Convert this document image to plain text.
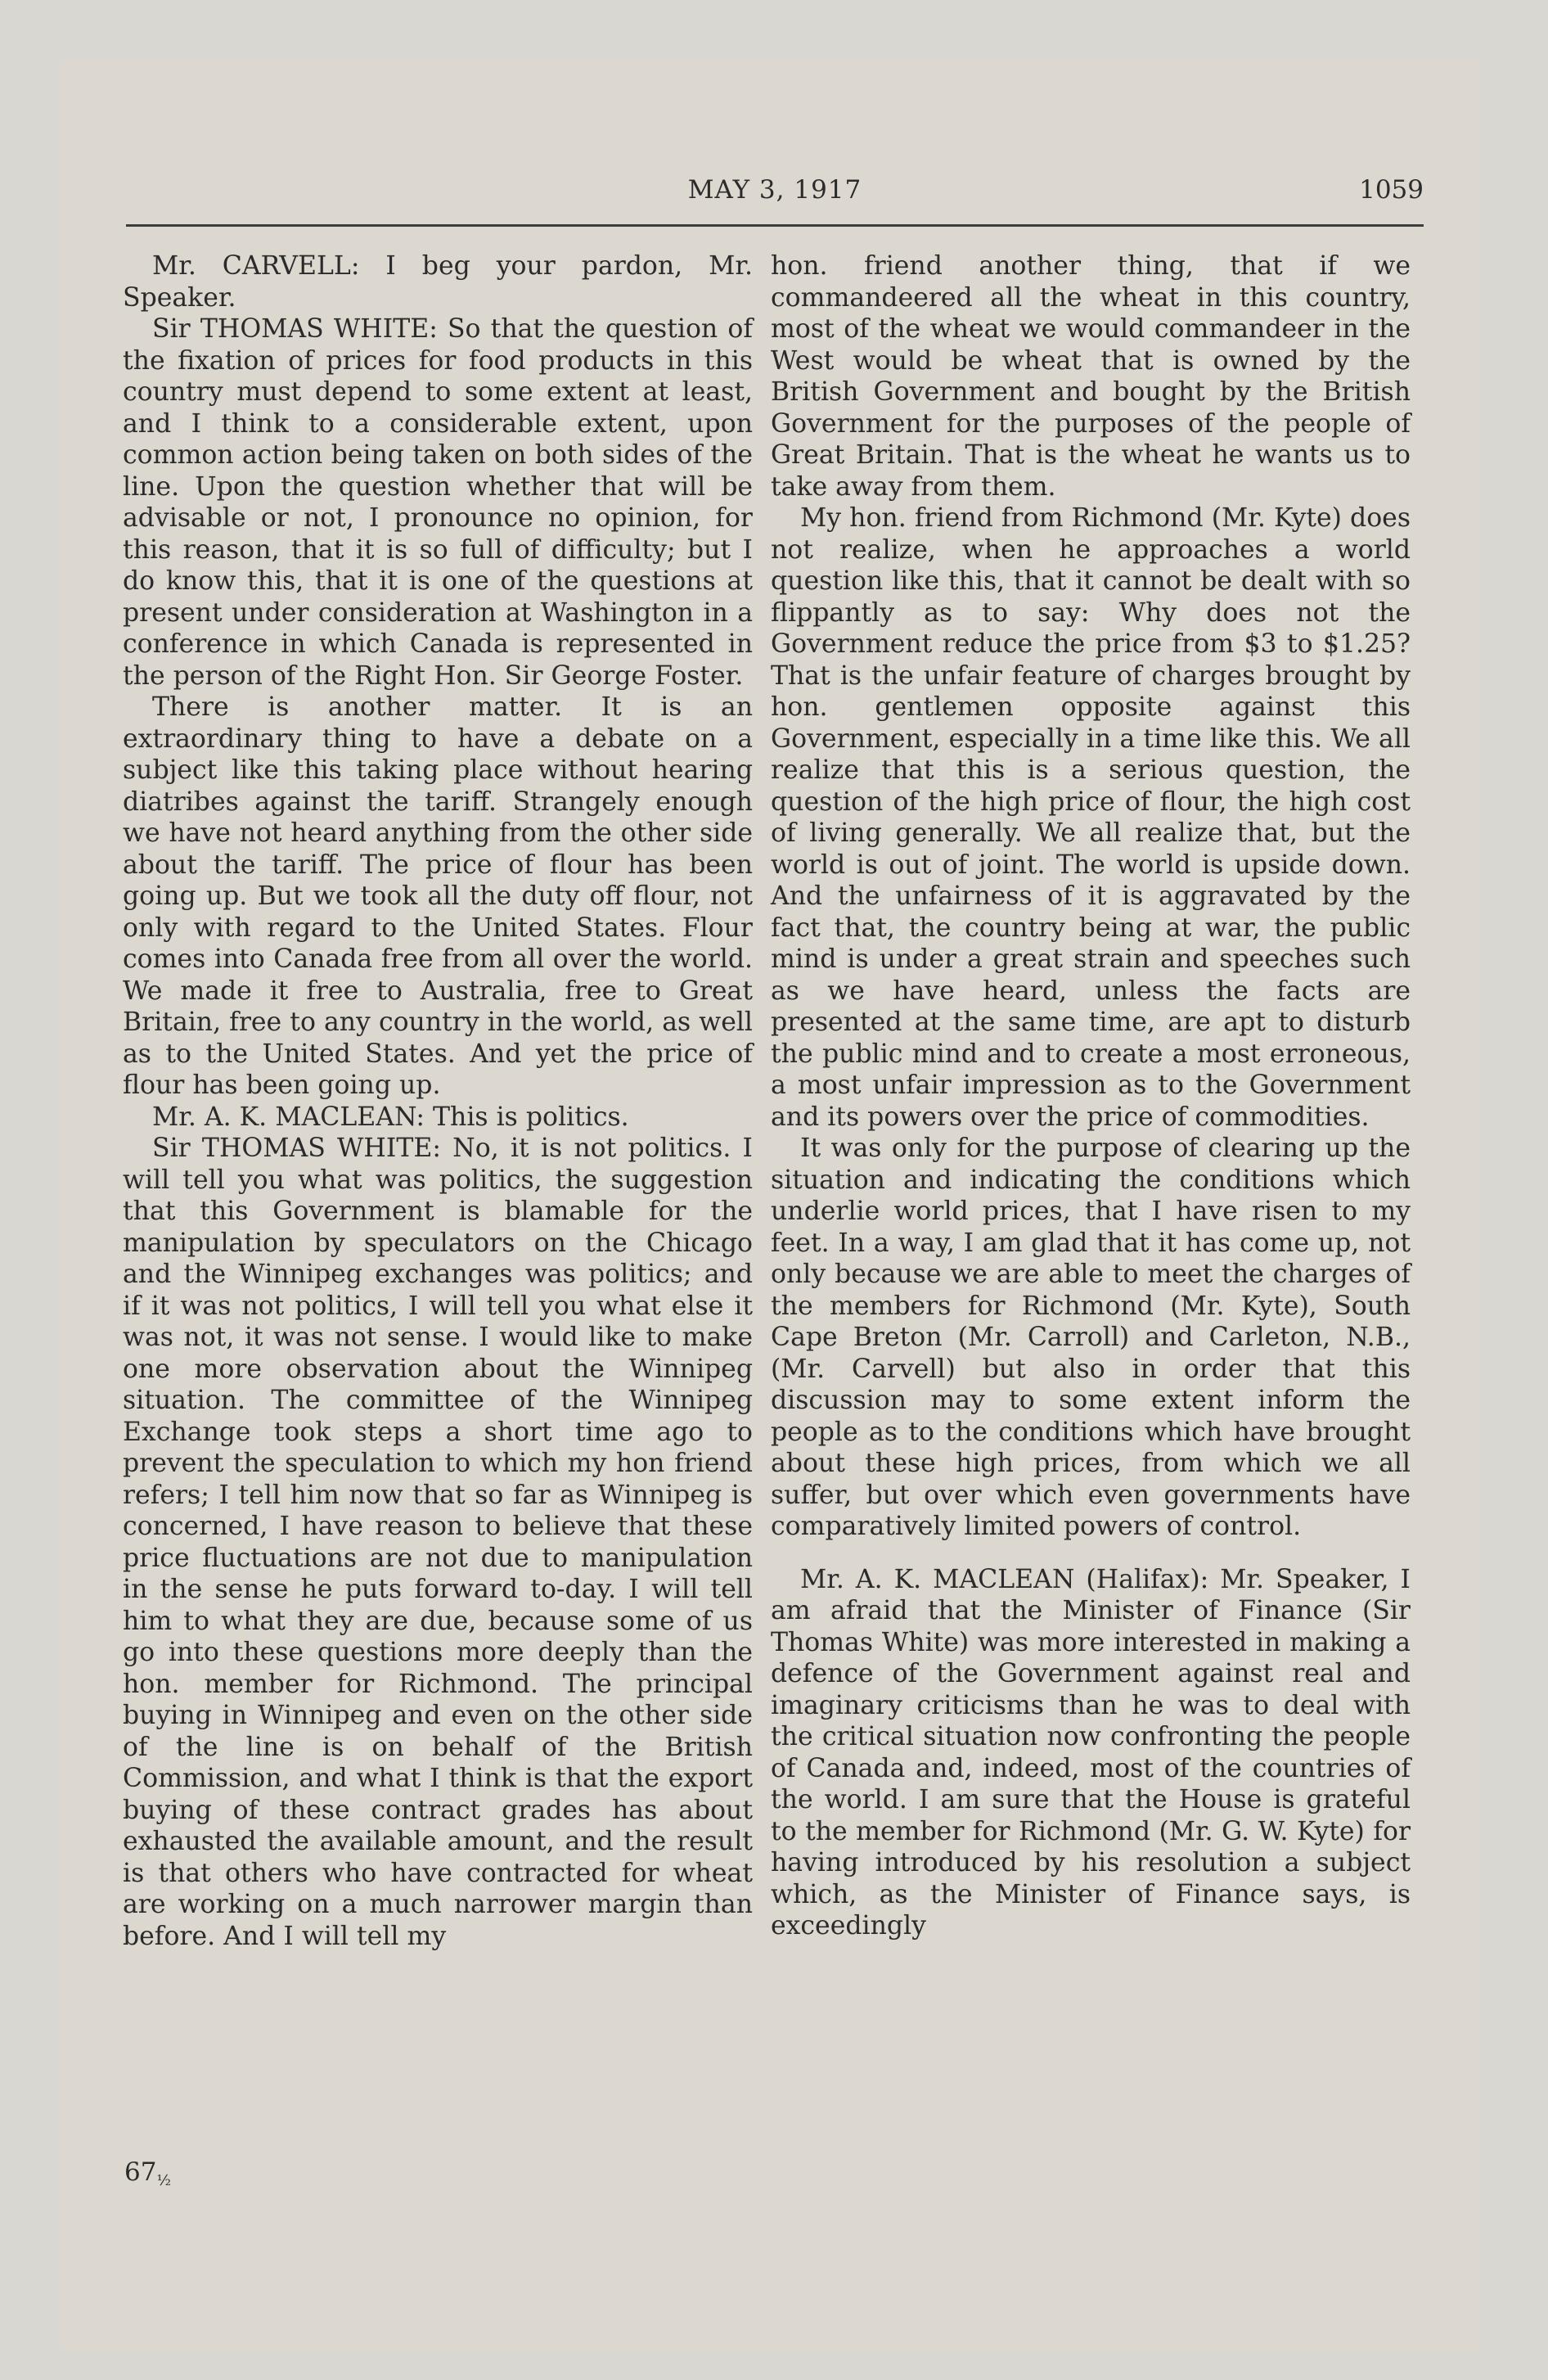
MAY 3, 1917	1059

Mr. CARVELL: I beg your pardon, Mr. Speaker.

Sir THOMAS WHITE: So that the question of the fixation of prices for food products in this country must depend to some extent at least, and I think to a considerable extent, upon common action being taken on both sides of the line. Upon the question whether that will be advisable or not, I pronounce no opinion, for this reason, that it is so full of difficulty; but I do know this, that it is one of the questions at present under consideration at Washington in a conference in which Canada is represented in the person of the Right Hon. Sir George Foster.

There is another matter. It is an extraordinary thing to have a debate on a subject like this taking place without hearing diatribes against the tariff. Strangely enough we have not heard anything from the other side about the tariff. The price of flour has been going up. But we took all the duty off flour, not only with regard to the United States. Flour comes into Canada free from all over the world. We made it free to Australia, free to Great Britain, free to any country in the world, as well as to the United States. And yet the price of flour has been going up.

Mr. A. K. MACLEAN: This is politics.

Sir THOMAS WHITE: No, it is not politics. I will tell you what was politics, the suggestion that this Government is blamable for the manipulation by speculators on the Chicago and the Winnipeg exchanges was politics; and if it was not politics, I will tell you what else it was not, it was not sense. I would like to make one more observation about the Winnipeg situation. The committee of the Winnipeg Exchange took steps a short time ago to prevent the speculation to which my hon friend refers; I tell him now that so far as Winnipeg is concerned, I have reason to believe that these price fluctuations are not due to manipulation in the sense he puts forward to-day. I will tell him to what they are due, because some of us go into these questions more deeply than the hon. member for Richmond. The principal buying in Winnipeg and even on the other side of the line is on behalf of the British Commission, and what I think is that the export buying of these contract grades has about exhausted the available amount, and the result is that others who have contracted for wheat are working on a much narrower margin than before. And I will tell my

hon. friend another thing, that if we commandeered all the wheat in this country, most of the wheat we would commandeer in the West would be wheat that is owned by the British Government and bought by the British Government for the purposes of the people of Great Britain. That is the wheat he wants us to take away from them.

My hon. friend from Richmond (Mr. Kyte) does not realize, when he approaches a world question like this, that it cannot be dealt with so flippantly as to say: Why does not the Government reduce the price from $3 to $1.25? That is the unfair feature of charges brought by hon. gentlemen opposite against this Government, especially in a time like this. We all realize that this is a serious question, the question of the high price of flour, the high cost of living generally. We all realize that, but the world is out of joint. The world is upside down. And the unfairness of it is aggravated by the fact that, the country being at war, the public mind is under a great strain and speeches such as we have heard, unless the facts are presented at the same time, are apt to disturb the public mind and to create a most erroneous, a most unfair impression as to the Government and its powers over the price of commodities.

It was only for the purpose of clearing up the situation and indicating the conditions which underlie world prices, that I have risen to my feet. In a way, I am glad that it has come up, not only because we are able to meet the charges of the members for Richmond (Mr. Kyte), South Cape Breton (Mr. Carroll) and Carleton, N.B., (Mr. Carvell) but also in order that this discussion may to some extent inform the people as to the conditions which have brought about these high prices, from which we all suffer, but over which even governments have comparatively limited powers of control.

Mr. A. K. MACLEAN (Halifax): Mr. Speaker, I am afraid that the Minister of Finance (Sir Thomas White) was more interested in making a defence of the Government against real and imaginary criticisms than he was to deal with the critical situation now confronting the people of Canada and, indeed, most of the countries of the world. I am sure that the House is grateful to the member for Richmond (Mr. G. W. Kyte) for having introduced by his resolution a subject which, as the Minister of Finance says, is exceedingly

67½
